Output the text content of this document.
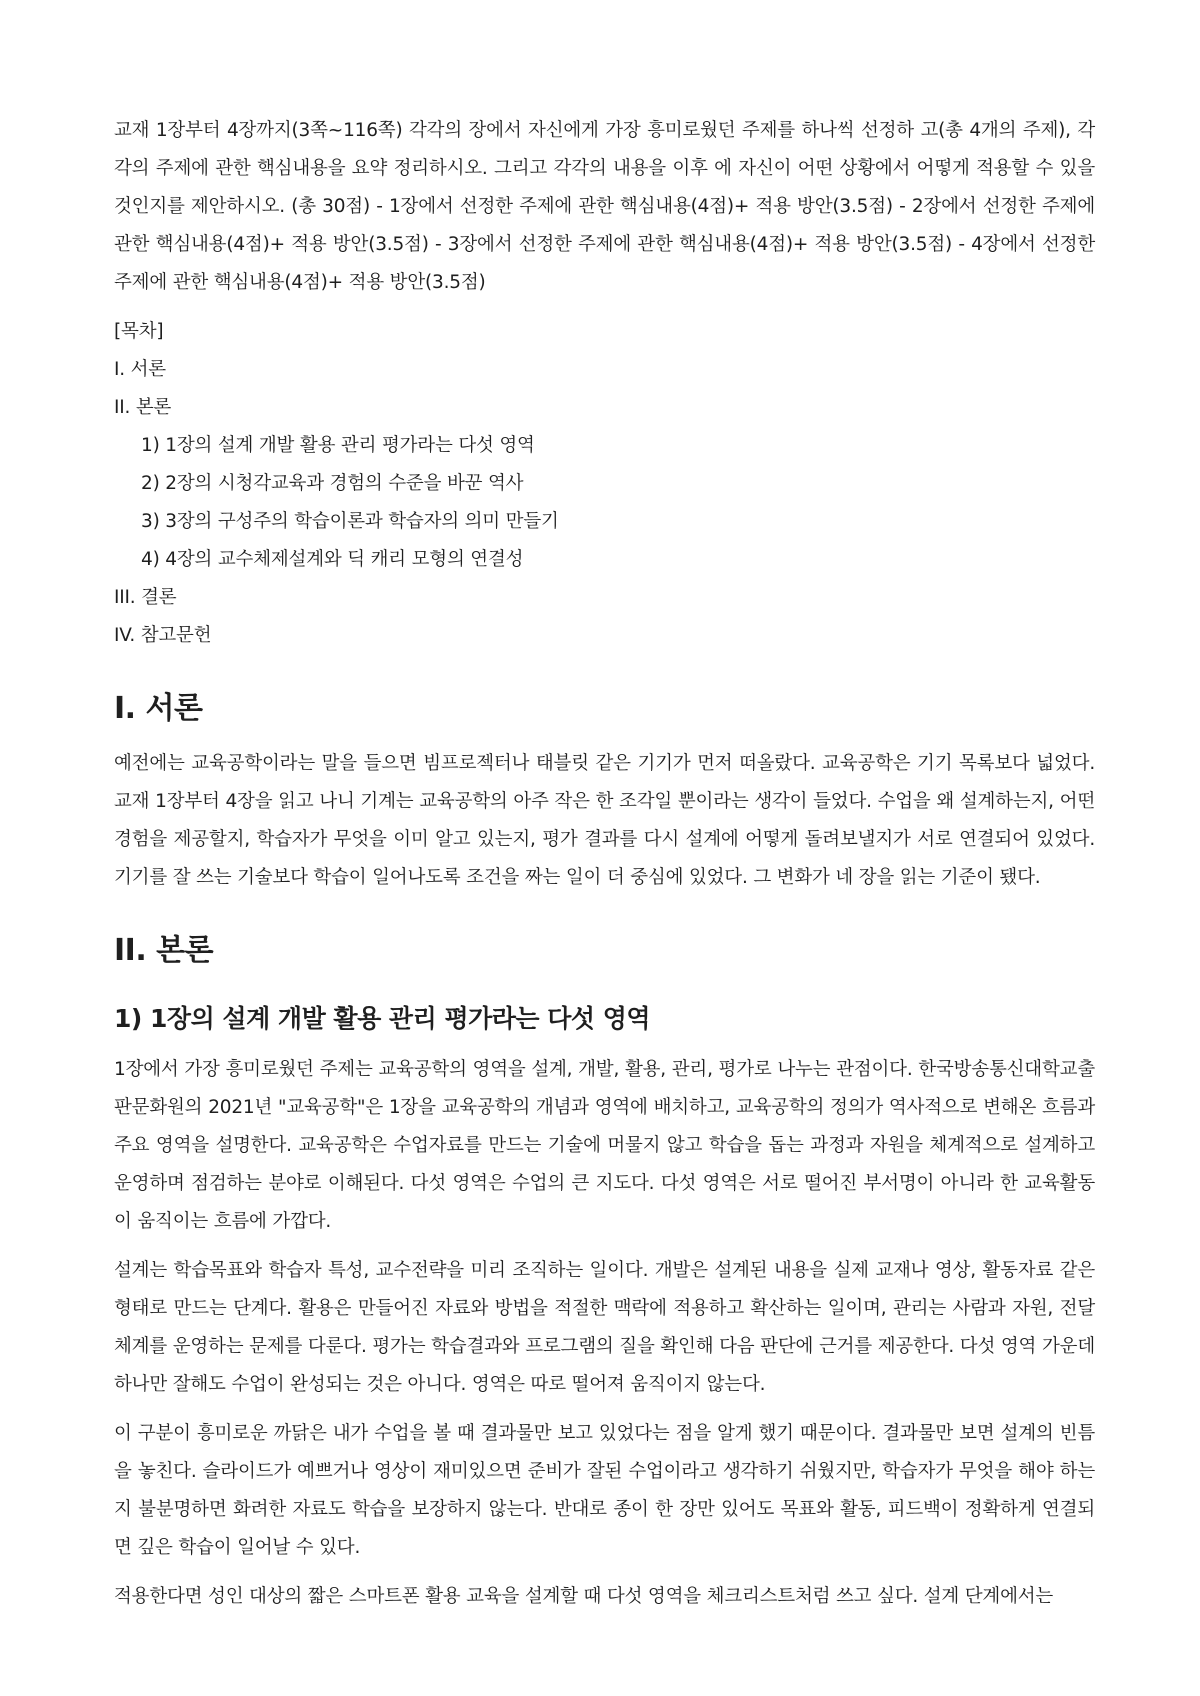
교재 1장부터 4장까지(3쪽~116쪽) 각각의 장에서 자신에게 가장 흥미로웠던 주제를 하나씩 선정하 고(총 4개의 주제), 각각의 주제에 관한 핵심내용을 요약 정리하시오. 그리고 각각의 내용을 이후 에 자신이 어떤 상황에서 어떻게 적용할 수 있을 것인지를 제안하시오. (총 30점) - 1장에서 선정한 주제에 관한 핵심내용(4점)+ 적용 방안(3.5점) - 2장에서 선정한 주제에 관한 핵심내용(4점)+ 적용 방안(3.5점) - 3장에서 선정한 주제에 관한 핵심내용(4점)+ 적용 방안(3.5점) - 4장에서 선정한 주제에 관한 핵심내용(4점)+ 적용 방안(3.5점)

[목차]
I. 서론
II. 본론
1) 1장의 설계 개발 활용 관리 평가라는 다섯 영역
2) 2장의 시청각교육과 경험의 수준을 바꾼 역사
3) 3장의 구성주의 학습이론과 학습자의 의미 만들기
4) 4장의 교수체제설계와 딕 캐리 모형의 연결성
III. 결론
IV. 참고문헌
I. 서론

예전에는 교육공학이라는 말을 들으면 빔프로젝터나 태블릿 같은 기기가 먼저 떠올랐다. 교육공학은 기기 목록보다 넓었다. 교재 1장부터 4장을 읽고 나니 기계는 교육공학의 아주 작은 한 조각일 뿐이라는 생각이 들었다. 수업을 왜 설계하는지, 어떤 경험을 제공할지, 학습자가 무엇을 이미 알고 있는지, 평가 결과를 다시 설계에 어떻게 돌려보낼지가 서로 연결되어 있었다. 기기를 잘 쓰는 기술보다 학습이 일어나도록 조건을 짜는 일이 더 중심에 있었다. 그 변화가 네 장을 읽는 기준이 됐다.

II. 본론
1) 1장의 설계 개발 활용 관리 평가라는 다섯 영역

1장에서 가장 흥미로웠던 주제는 교육공학의 영역을 설계, 개발, 활용, 관리, 평가로 나누는 관점이다. 한국방송통신대학교출판문화원의 2021년 "교육공학"은 1장을 교육공학의 개념과 영역에 배치하고, 교육공학의 정의가 역사적으로 변해온 흐름과 주요 영역을 설명한다. 교육공학은 수업자료를 만드는 기술에 머물지 않고 학습을 돕는 과정과 자원을 체계적으로 설계하고 운영하며 점검하는 분야로 이해된다. 다섯 영역은 수업의 큰 지도다. 다섯 영역은 서로 떨어진 부서명이 아니라 한 교육활동이 움직이는 흐름에 가깝다.

설계는 학습목표와 학습자 특성, 교수전략을 미리 조직하는 일이다. 개발은 설계된 내용을 실제 교재나 영상, 활동자료 같은 형태로 만드는 단계다. 활용은 만들어진 자료와 방법을 적절한 맥락에 적용하고 확산하는 일이며, 관리는 사람과 자원, 전달체계를 운영하는 문제를 다룬다. 평가는 학습결과와 프로그램의 질을 확인해 다음 판단에 근거를 제공한다. 다섯 영역 가운데 하나만 잘해도 수업이 완성되는 것은 아니다. 영역은 따로 떨어져 움직이지 않는다.

이 구분이 흥미로운 까닭은 내가 수업을 볼 때 결과물만 보고 있었다는 점을 알게 했기 때문이다. 결과물만 보면 설계의 빈틈을 놓친다. 슬라이드가 예쁘거나 영상이 재미있으면 준비가 잘된 수업이라고 생각하기 쉬웠지만, 학습자가 무엇을 해야 하는지 불분명하면 화려한 자료도 학습을 보장하지 않는다. 반대로 종이 한 장만 있어도 목표와 활동, 피드백이 정확하게 연결되면 깊은 학습이 일어날 수 있다.

적용한다면 성인 대상의 짧은 스마트폰 활용 교육을 설계할 때 다섯 영역을 체크리스트처럼 쓰고 싶다. 설계 단계에서는
